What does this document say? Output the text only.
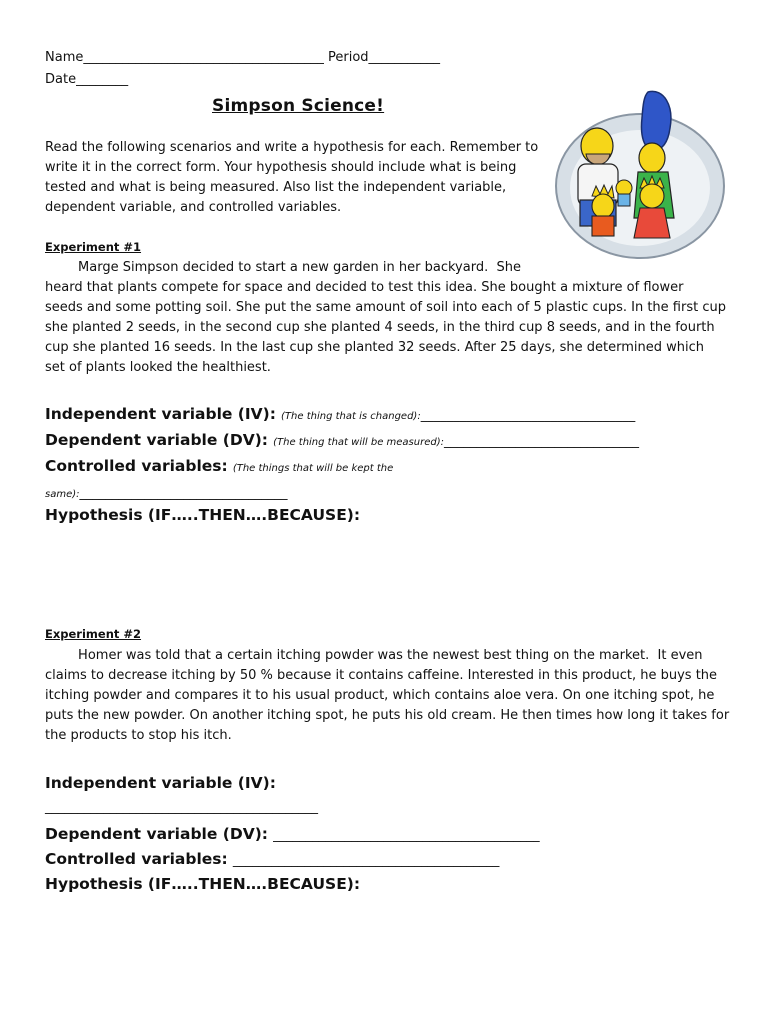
Name_____________________________________ Period___________
Date________
Simpson Science!
Read the following scenarios and write a hypothesis for each. Remember to
write it in the correct form. Your hypothesis should include what is being
tested and what is being measured. Also list the independent variable,
dependent variable, and controlled variables.
Experiment #1
Marge Simpson decided to start a new garden in her backyard.  She
heard that plants compete for space and decided to test this idea. She bought a mixture of flower
seeds and some potting soil. She put the same amount of soil into each of 5 plastic cups. In the first cup
she planted 2 seeds, in the second cup she planted 4 seeds, in the third cup 8 seeds, and in the fourth
cup she planted 16 seeds. In the last cup she planted 32 seeds. After 25 days, she determined which
set of plants looked the healthiest.
Independent variable (IV): (The thing that is changed):_________________________________
Dependent variable (DV): (The thing that will be measured):______________________________
Controlled variables: (The things that will be kept the
same):________________________________
Hypothesis (IF…..THEN….BECAUSE):
Experiment #2
Homer was told that a certain itching powder was the newest best thing on the market.  It even
claims to decrease itching by 50 % because it contains caffeine. Interested in this product, he buys the
itching powder and compares it to his usual product, which contains aloe vera. On one itching spot, he
puts the new powder. On another itching spot, he puts his old cream. He then times how long it takes for
the products to stop his itch.
Independent variable (IV):
__________________________________________
Dependent variable (DV): _________________________________________
Controlled variables: _________________________________________
Hypothesis (IF…..THEN….BECAUSE):
